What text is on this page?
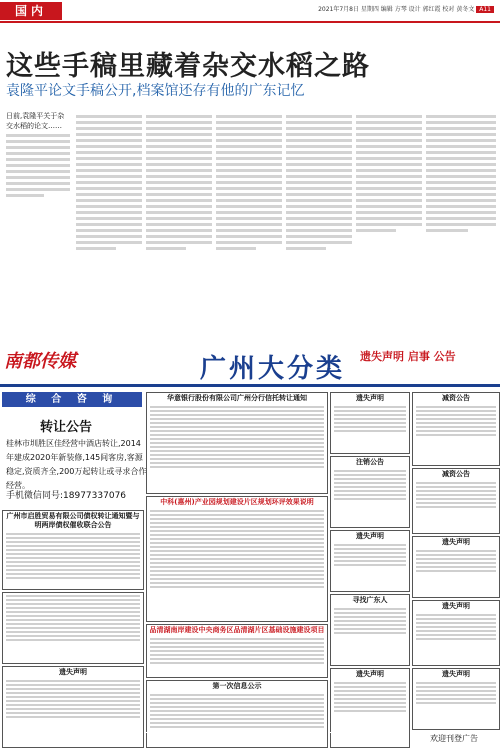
国内	2021年7月8日 星期四 编辑 方琴 设计 郭红霞 校对 黄冬文 A11
这些手稿里藏着杂交水稻之路
袁隆平论文手稿公开,档案馆还存有他的广东记忆
日前,袁隆平关于杂交水稻的论文……
南都传媒	广州大分类 遗失声明 启事 公告
综 合 咨 询
转让公告
桂林市圳胜区佳经营中酒店转让,2014年建成2020年新装修,145间客房,客源稳定,资质齐全,200万起转让或寻求合作经营。
手机微信同号:18977337076
广州市启胜贸易有限公司债权转让通知暨与明两岸债权催收联合公告
遗失声明
华意银行股份有限公司广州分行信托转让通知
中科(惠州)产业园规划建设片区规划环评效果说明
品清湖南岸建设中央商务区品清湖片区基础设施建设项目
第一次信息公示
遗失声明
注销公告
遗失声明
寻找广东人
遗失声明
减资公告
减资公告
遗失声明
遗失声明
遗失声明
欢迎刊登广告
